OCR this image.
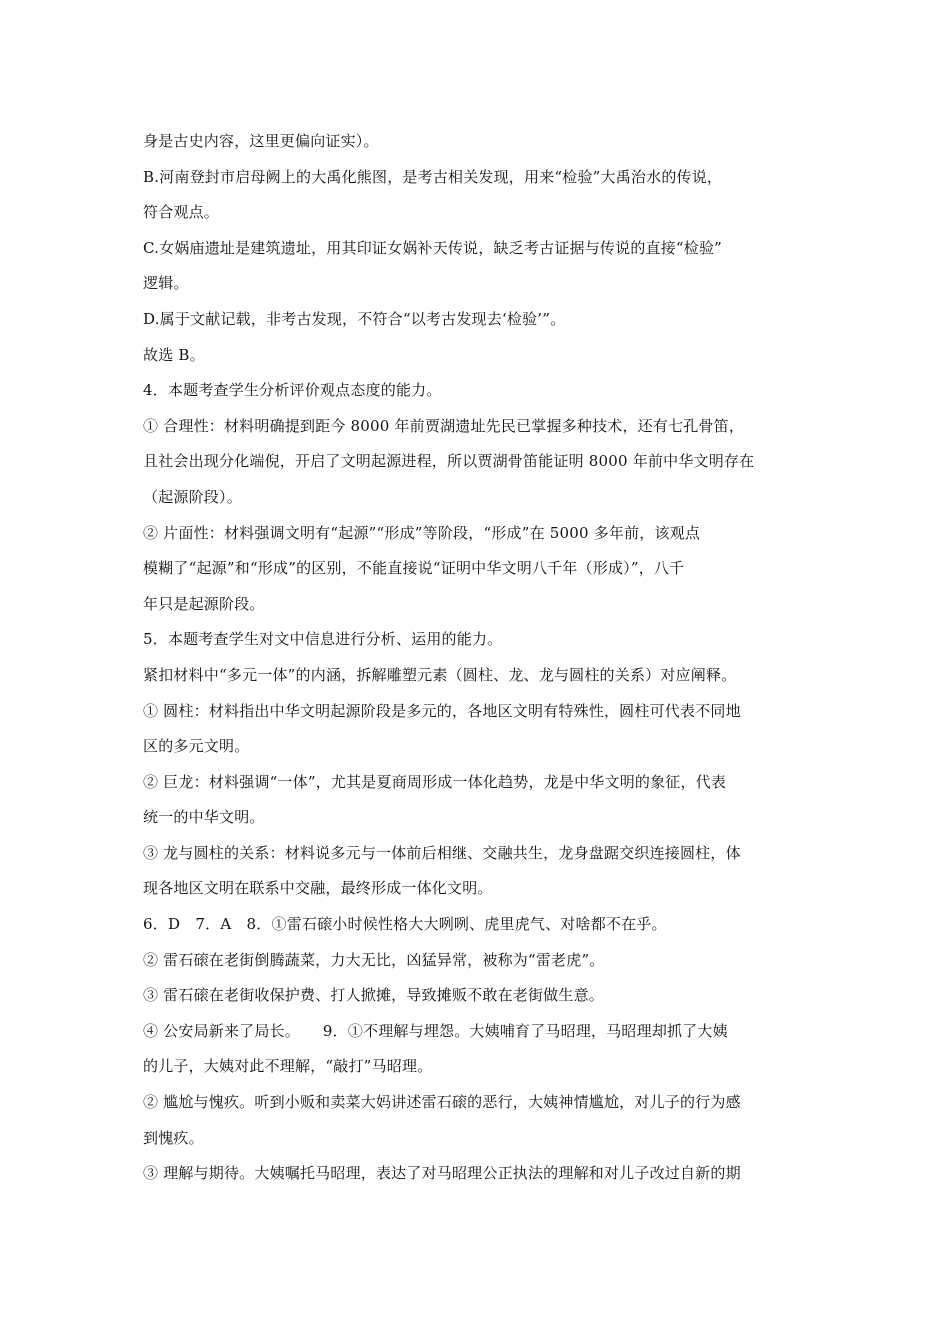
身是古史内容，这里更偏向证实）。
B.河南登封市启母阙上的大禹化熊图，是考古相关发现，用来“检验”大禹治水的传说，
符合观点。
C.女娲庙遗址是建筑遗址，用其印证女娲补天传说，缺乏考古证据与传说的直接“检验”
逻辑。
D.属于文献记载，非考古发现，不符合“以考古发现去‘检验’”。
故选 B。
4．本题考查学生分析评价观点态度的能力。
① 合理性：材料明确提到距今 8000 年前贾湖遗址先民已掌握多种技术，还有七孔骨笛，
且社会出现分化端倪，开启了文明起源进程，所以贾湖骨笛能证明 8000 年前中华文明存在
（起源阶段）。
② 片面性：材料强调文明有“起源”“形成”等阶段，“形成”在 5000 多年前，该观点
模糊了“起源”和“形成”的区别，不能直接说“证明中华文明八千年（形成）”，八千
年只是起源阶段。
5．本题考查学生对文中信息进行分析、运用的能力。
紧扣材料中“多元一体”的内涵，拆解雕塑元素（圆柱、龙、龙与圆柱的关系）对应阐释。
① 圆柱：材料指出中华文明起源阶段是多元的，各地区文明有特殊性，圆柱可代表不同地
区的多元文明。
② 巨龙：材料强调“一体”，尤其是夏商周形成一体化趋势，龙是中华文明的象征，代表
统一的中华文明。
③ 龙与圆柱的关系：材料说多元与一体前后相继、交融共生，龙身盘踞交织连接圆柱，体
现各地区文明在联系中交融，最终形成一体化文明。
6．D　7．A　8．①雷石磙小时候性格大大咧咧、虎里虎气、对啥都不在乎。
② 雷石磙在老街倒腾蔬菜，力大无比，凶猛异常，被称为“雷老虎”。
③ 雷石磙在老街收保护费、打人掀摊，导致摊贩不敢在老街做生意。
④ 公安局新来了局长。　　9．①不理解与埋怨。大姨哺育了马昭理，马昭理却抓了大姨
的儿子，大姨对此不理解，“敲打”马昭理。
② 尴尬与愧疚。听到小贩和卖菜大妈讲述雷石磙的恶行，大姨神情尴尬，对儿子的行为感
到愧疚。
③ 理解与期待。大姨嘱托马昭理，表达了对马昭理公正执法的理解和对儿子改过自新的期
